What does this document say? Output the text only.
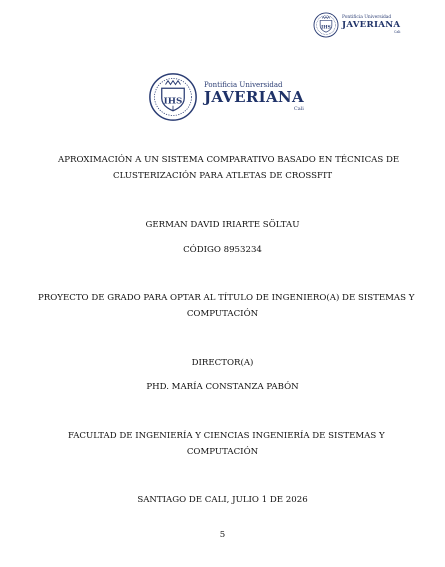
IHS
Pontificia Universidad
JAVERIANA
Cali
IHS
Pontificia Universidad
JAVERIANA
Cali
APROXIMACIÓN A UN SISTEMA COMPARATIVO BASADO EN TÉCNICAS DE
CLUSTERIZACIÓN PARA ATLETAS DE CROSSFIT
GERMAN DAVID IRIARTE SÖLTAU
CÓDIGO 8953234
PROYECTO DE GRADO PARA OPTAR AL TÍTULO DE INGENIERO(A) DE SISTEMAS Y
COMPUTACIÓN
DIRECTOR(A)
PHD. MARÍA CONSTANZA PABÓN
FACULTAD DE INGENIERÍA Y CIENCIAS INGENIERÍA DE SISTEMAS Y
COMPUTACIÓN
SANTIAGO DE CALI, JULIO 1 DE 2026
5
